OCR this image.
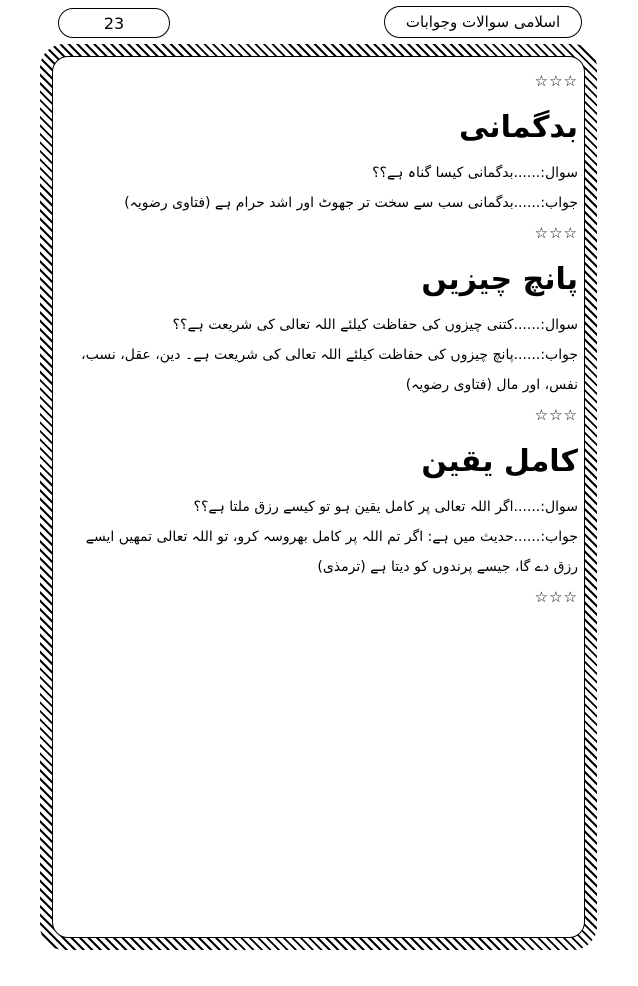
23	اسلامی سوالات وجوابات
☆☆☆
بدگمانی
سوال:......بدگمانی کیسا گناہ ہے؟؟
جواب:......بدگمانی سب سے سخت تر جھوٹ اور اشد حرام ہے (فتاوی رضویہ)
☆☆☆
پانچ چیزیں
سوال:......کتنی چیزوں کی حفاظت کیلئے اللہ تعالی کی شریعت ہے؟؟
جواب:......پانچ چیزوں کی حفاظت کیلئے اللہ تعالی کی شریعت ہے۔ دین، عقل، نسب، نفس، اور مال (فتاوی رضویہ)
☆☆☆
کامل یقین
سوال:......اگر اللہ تعالی پر کامل یقین ہو تو کیسے رزق ملتا ہے؟؟
جواب:......حدیث میں ہے: اگر تم اللہ پر کامل بھروسہ کرو، تو اللہ تعالی تمھیں ایسے رزق دے گا، جیسے پرندوں کو دیتا ہے (ترمذی)
☆☆☆
